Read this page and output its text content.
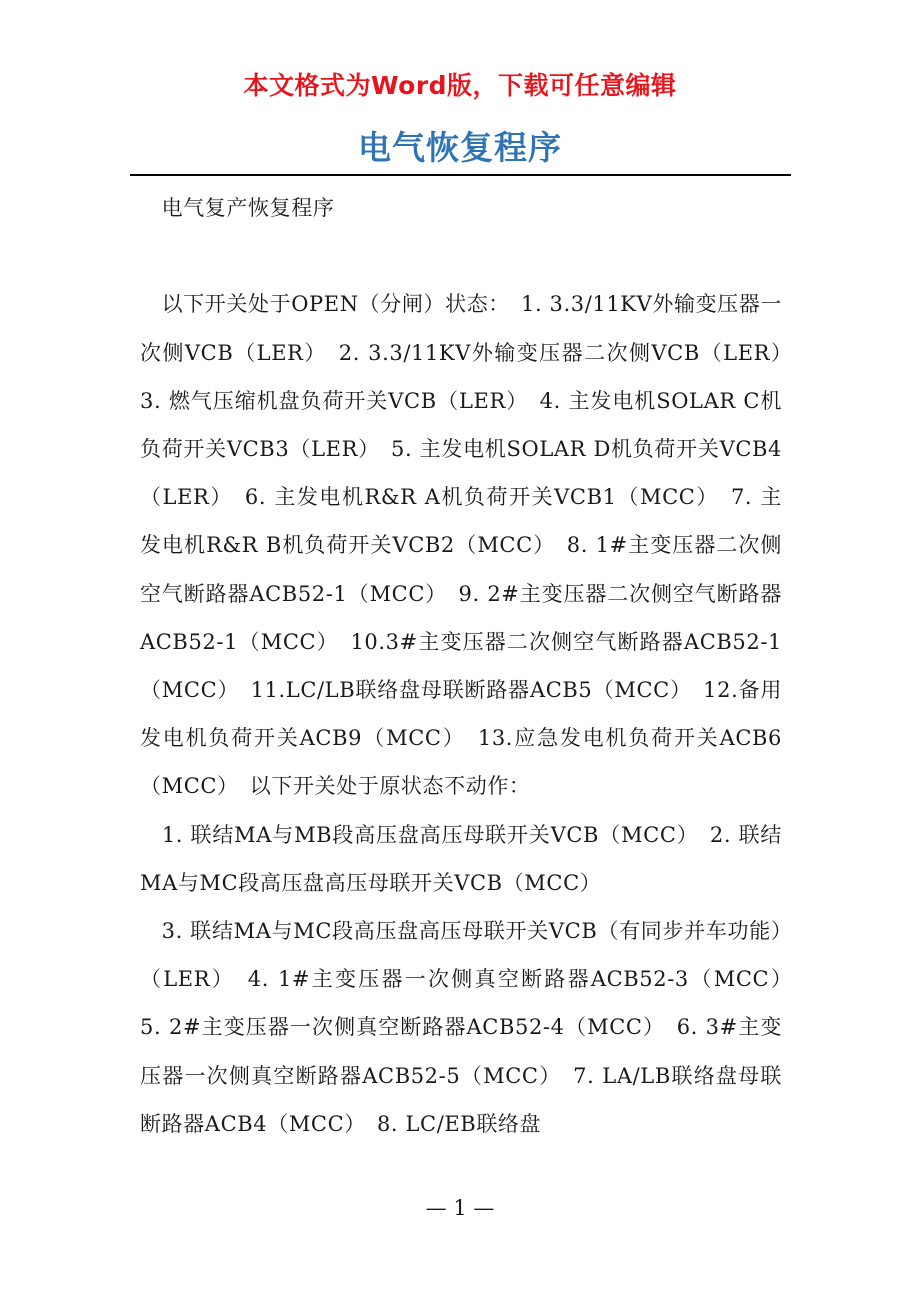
本文格式为Word版，下载可任意编辑
电气恢复程序

　电气复产恢复程序

　以下开关处于OPEN（分闸）状态：　1. 3.3/11KV外输变压器一次侧VCB（LER）　2. 3.3/11KV外输变压器二次侧VCB（LER）　3. 燃气压缩机盘负荷开关VCB（LER）　4. 主发电机SOLAR C机负荷开关VCB3（LER）　5. 主发电机SOLAR D机负荷开关VCB4（LER）　6. 主发电机R&R A机负荷开关VCB1（MCC）　7. 主发电机R&R B机负荷开关VCB2（MCC）　8. 1#主变压器二次侧空气断路器ACB52-1（MCC）　9. 2#主变压器二次侧空气断路器ACB52-1（MCC）　10.3#主变压器二次侧空气断路器ACB52-1（MCC）　11.LC/LB联络盘母联断路器ACB5（MCC）　12.备用发电机负荷开关ACB9（MCC）　13.应急发电机负荷开关ACB6（MCC）　以下开关处于原状态不动作：

　1. 联结MA与MB段高压盘高压母联开关VCB（MCC）　2. 联结MA与MC段高压盘高压母联开关VCB（MCC）

　3. 联结MA与MC段高压盘高压母联开关VCB（有同步并车功能）（LER）　4. 1#主变压器一次侧真空断路器ACB52-3（MCC）　5. 2#主变压器一次侧真空断路器ACB52-4（MCC）　6. 3#主变压器一次侧真空断路器ACB52-5（MCC）　7. LA/LB联络盘母联断路器ACB4（MCC）　8. LC/EB联络盘

— 1 —
